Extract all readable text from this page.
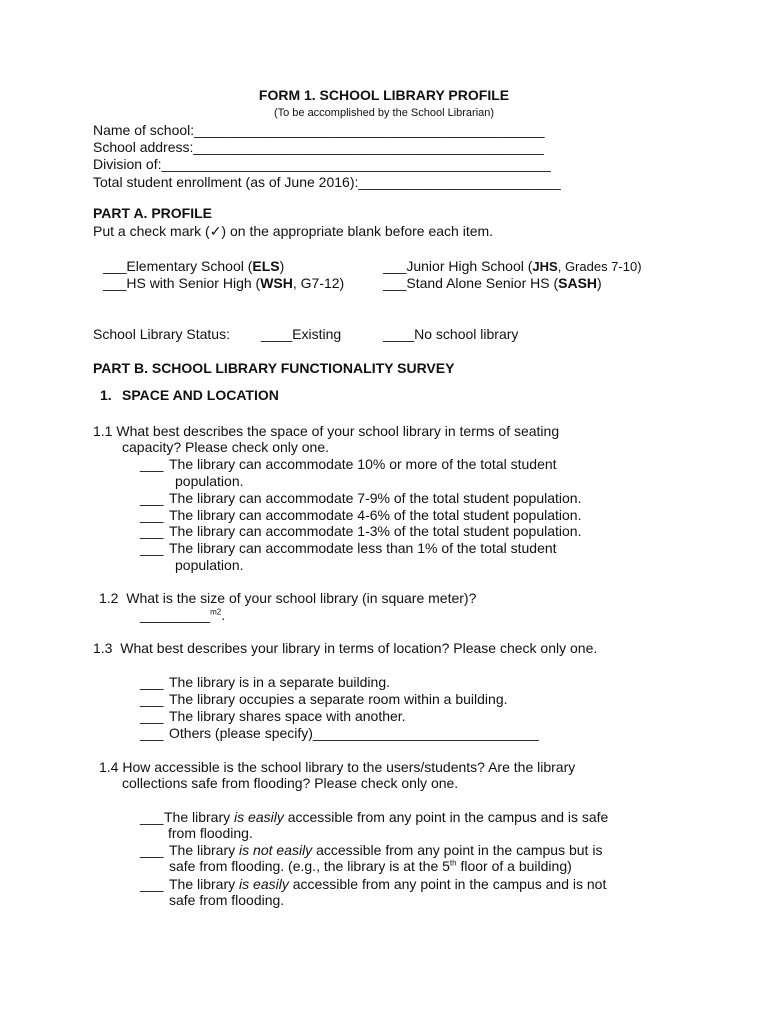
FORM 1. SCHOOL LIBRARY PROFILE
(To be accomplished by the School Librarian)
Name of school:_____________________________________________
School address:_____________________________________________
Division of:__________________________________________________
Total student enrollment (as of June 2016):__________________________
PART A. PROFILE
Put a check mark (✓) on the appropriate blank before each item.
___Elementary School (ELS)	___Junior High School (JHS, Grades 7-10)
___HS with Senior High (WSH, G7-12)	___Stand Alone Senior HS (SASH)
School Library Status: ____Existing	____No school library
PART B. SCHOOL LIBRARY FUNCTIONALITY SURVEY
1. SPACE AND LOCATION
1.1 What best describes the space of your school library in terms of seating
capacity? Please check only one.
___ The library can accommodate 10% or more of the total student
population.
___ The library can accommodate 7-9% of the total student population.
___ The library can accommodate 4-6% of the total student population.
___ The library can accommodate 1-3% of the total student population.
___ The library can accommodate less than 1% of the total student
population.
1.2  What is the size of your school library (in square meter)?
_________$^{m2}$.
1.3  What best describes your library in terms of location? Please check only one.
___ The library is in a separate building.
___ The library occupies a separate room within a building.
___ The library shares space with another.
___ Others (please specify)_____________________________
1.4 How accessible is the school library to the users/students? Are the library
collections safe from flooding? Please check only one.
___ The library is easily accessible from any point in the campus and is safe
from flooding.
___ The library is not easily accessible from any point in the campus but is
safe from flooding. (e.g., the library is at the 5th floor of a building)
___ The library is easily accessible from any point in the campus and is not
safe from flooding.
